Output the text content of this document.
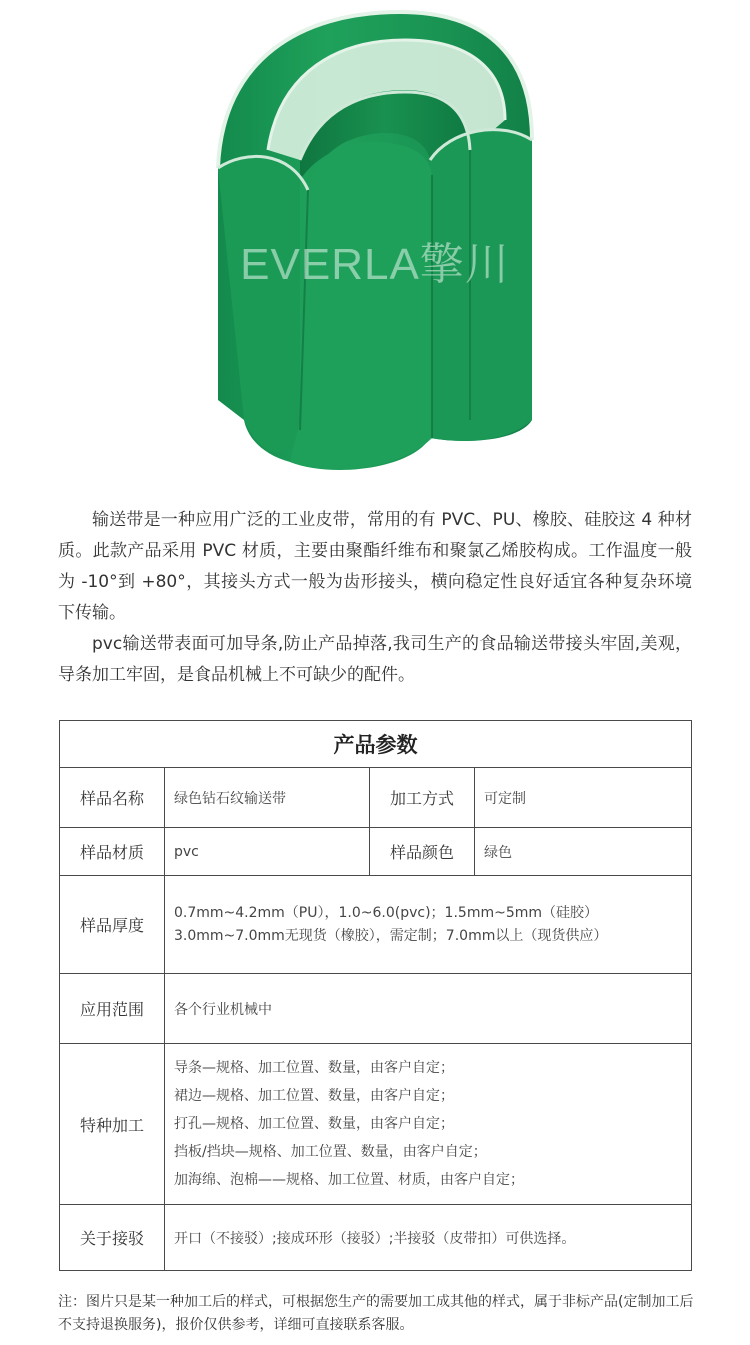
EVERLA擎川

输送带是一种应用广泛的工业皮带，常用的有 PVC、PU、橡胶、硅胶这 4 种材质。此款产品采用 PVC 材质，主要由聚酯纤维布和聚氯乙烯胶构成。工作温度一般为 -10°到 +80°，其接头方式一般为齿形接头，横向稳定性良好适宜各种复杂环境下传输。

pvc输送带表面可加导条,防止产品掉落,我司生产的食品输送带接头牢固,美观，导条加工牢固，是食品机械上不可缺少的配件。

产品参数			
样品名称	绿色钻石纹输送带	加工方式	可定制
样品材质	pvc	样品颜色	绿色
样品厚度	0.7mm~4.2mm（PU），1.0~6.0(pvc)；1.5mm~5mm（硅胶）
3.0mm~7.0mm无现货（橡胶），需定制；7.0mm以上（现货供应）		

应用范围	各个行业机械中		
特种加工	导条—规格、加工位置、数量，由客户自定；
裙边—规格、加工位置、数量，由客户自定；
打孔—规格、加工位置、数量，由客户自定；
挡板/挡块—规格、加工位置、数量，由客户自定；
加海绵、泡棉——规格、加工位置、材质，由客户自定；		

关于接驳	开口（不接驳）;接成环形（接驳）;半接驳（皮带扣）可供选择。		

注：图片只是某一种加工后的样式，可根据您生产的需要加工成其他的样式，属于非标产品(定制加工后不支持退换服务)，报价仅供参考，详细可直接联系客服。
